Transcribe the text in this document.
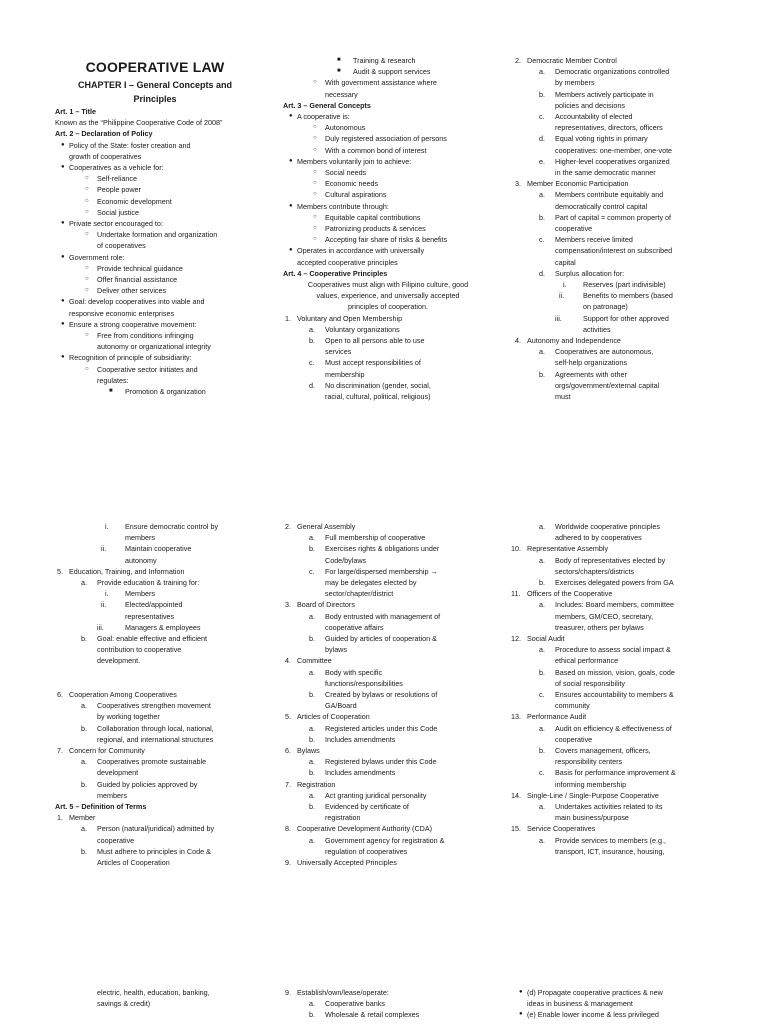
COOPERATIVE LAW
CHAPTER I – General Concepts and
Principles
Art. 1 – Title
Known as the “Philippine Cooperative Code of 2008”
Art. 2 – Declaration of Policy
● Policy of the State: foster creation and
growth of cooperatives
● Cooperatives as a vehicle for:
○ Self-reliance
○ People power
○ Economic development
○ Social justice
● Private sector encouraged to:
○ Undertake formation and organization
of cooperatives
● Government role:
○ Provide technical guidance
○ Offer financial assistance
○ Deliver other services
● Goal: develop cooperatives into viable and
responsive economic enterprises
● Ensure a strong cooperative movement:
○ Free from conditions infringing
autonomy or organizational integrity
● Recognition of principle of subsidiarity:
○ Cooperative sector initiates and
regulates:
■ Promotion & organization
■ Training & research
■ Audit & support services
○ With government assistance where
necessary
Art. 3 – General Concepts
● A cooperative is:
○ Autonomous
○ Duly registered association of persons
○ With a common bond of interest
● Members voluntarily join to achieve:
○ Social needs
○ Economic needs
○ Cultural aspirations
● Members contribute through:
○ Equitable capital contributions
○ Patronizing products & services
○ Accepting fair share of risks & benefits
● Operates in accordance with universally
accepted cooperative principles
Art. 4 – Cooperative Principles
Cooperatives must align with Filipino culture, good
values, experience, and universally accepted
principles of cooperation.
1. Voluntary and Open Membership
a. Voluntary organizations
b. Open to all persons able to use
services
c. Must accept responsibilities of
membership
d. No discrimination (gender, social,
racial, cultural, political, religious)
2. Democratic Member Control
a. Democratic organizations controlled
by members
b. Members actively participate in
policies and decisions
c. Accountability of elected
representatives, directors, officers
d. Equal voting rights in primary
cooperatives: one-member, one-vote
e. Higher-level cooperatives organized
in the same democratic manner
3. Member Economic Participation
a. Members contribute equitably and
democratically control capital
b. Part of capital = common property of
cooperative
c. Members receive limited
compensation/interest on subscribed
capital
d. Surplus allocation for:
i. Reserves (part indivisible)
ii.	Benefits to members (based
on patronage)
iii.	Support for other approved
activities
4. Autonomy and Independence
a. Cooperatives are autonomous,
self-help organizations
b. Agreements with other
orgs/government/external capital
must
i. Ensure democratic control by
members
ii.	Maintain cooperative
autonomy
5. Education, Training, and Information
a. Provide education & training for:
i. Members
ii.	Elected/appointed
representatives
iii.	Managers & employees
b. Goal: enable effective and efficient
contribution to cooperative
development.
6. Cooperation Among Cooperatives
a. Cooperatives strengthen movement
by working together
b. Collaboration through local, national,
regional, and international structures
7. Concern for Community
a. Cooperatives promote sustainable
development
b. Guided by policies approved by
members
Art. 5 – Definition of Terms
1. Member
a. Person (natural/juridical) admitted by
cooperative
b. Must adhere to principles in Code &
Articles of Cooperation
2. General Assembly
a. Full membership of cooperative
b. Exercises rights & obligations under
Code/bylaws
c. For large/dispersed membership →
may be delegates elected by
sector/chapter/district
3. Board of Directors
a. Body entrusted with management of
cooperative affairs
b. Guided by articles of cooperation &
bylaws
4. Committee
a. Body with specific
functions/responsibilities
b. Created by bylaws or resolutions of
GA/Board
5. Articles of Cooperation
a. Registered articles under this Code
b. Includes amendments
6. Bylaws
a. Registered bylaws under this Code
b. Includes amendments
7. Registration
a. Act granting juridical personality
b. Evidenced by certificate of
registration
8. Cooperative Development Authority (CDA)
a. Government agency for registration &
regulation of cooperatives
9. Universally Accepted Principles
a. Worldwide cooperative principles
adhered to by cooperatives
10. Representative Assembly
a. Body of representatives elected by
sectors/chapters/districts
b. Exercises delegated powers from GA
11. Officers of the Cooperative
a. Includes: Board members, committee
members, GM/CEO, secretary,
treasurer, others per bylaws
12. Social Audit
a. Procedure to assess social impact &
ethical performance
b. Based on mission, vision, goals, code
of social responsibility
c. Ensures accountability to members &
community
13. Performance Audit
a. Audit on efficiency & effectiveness of
cooperative
b. Covers management, officers,
responsibility centers
c. Basis for performance improvement &
informing membership
14. Single-Line / Single-Purpose Cooperative
a. Undertakes activities related to its
main business/purpose
15. Service Cooperatives
a. Provide services to members (e.g.,
transport, ICT, insurance, housing,
electric, health, education, banking,
savings & credit)
9. Establish/own/lease/operate:
a. Cooperative banks
b. Wholesale & retail complexes
● (d) Propagate cooperative practices & new
ideas in business & management
● (e) Enable lower income & less privileged
